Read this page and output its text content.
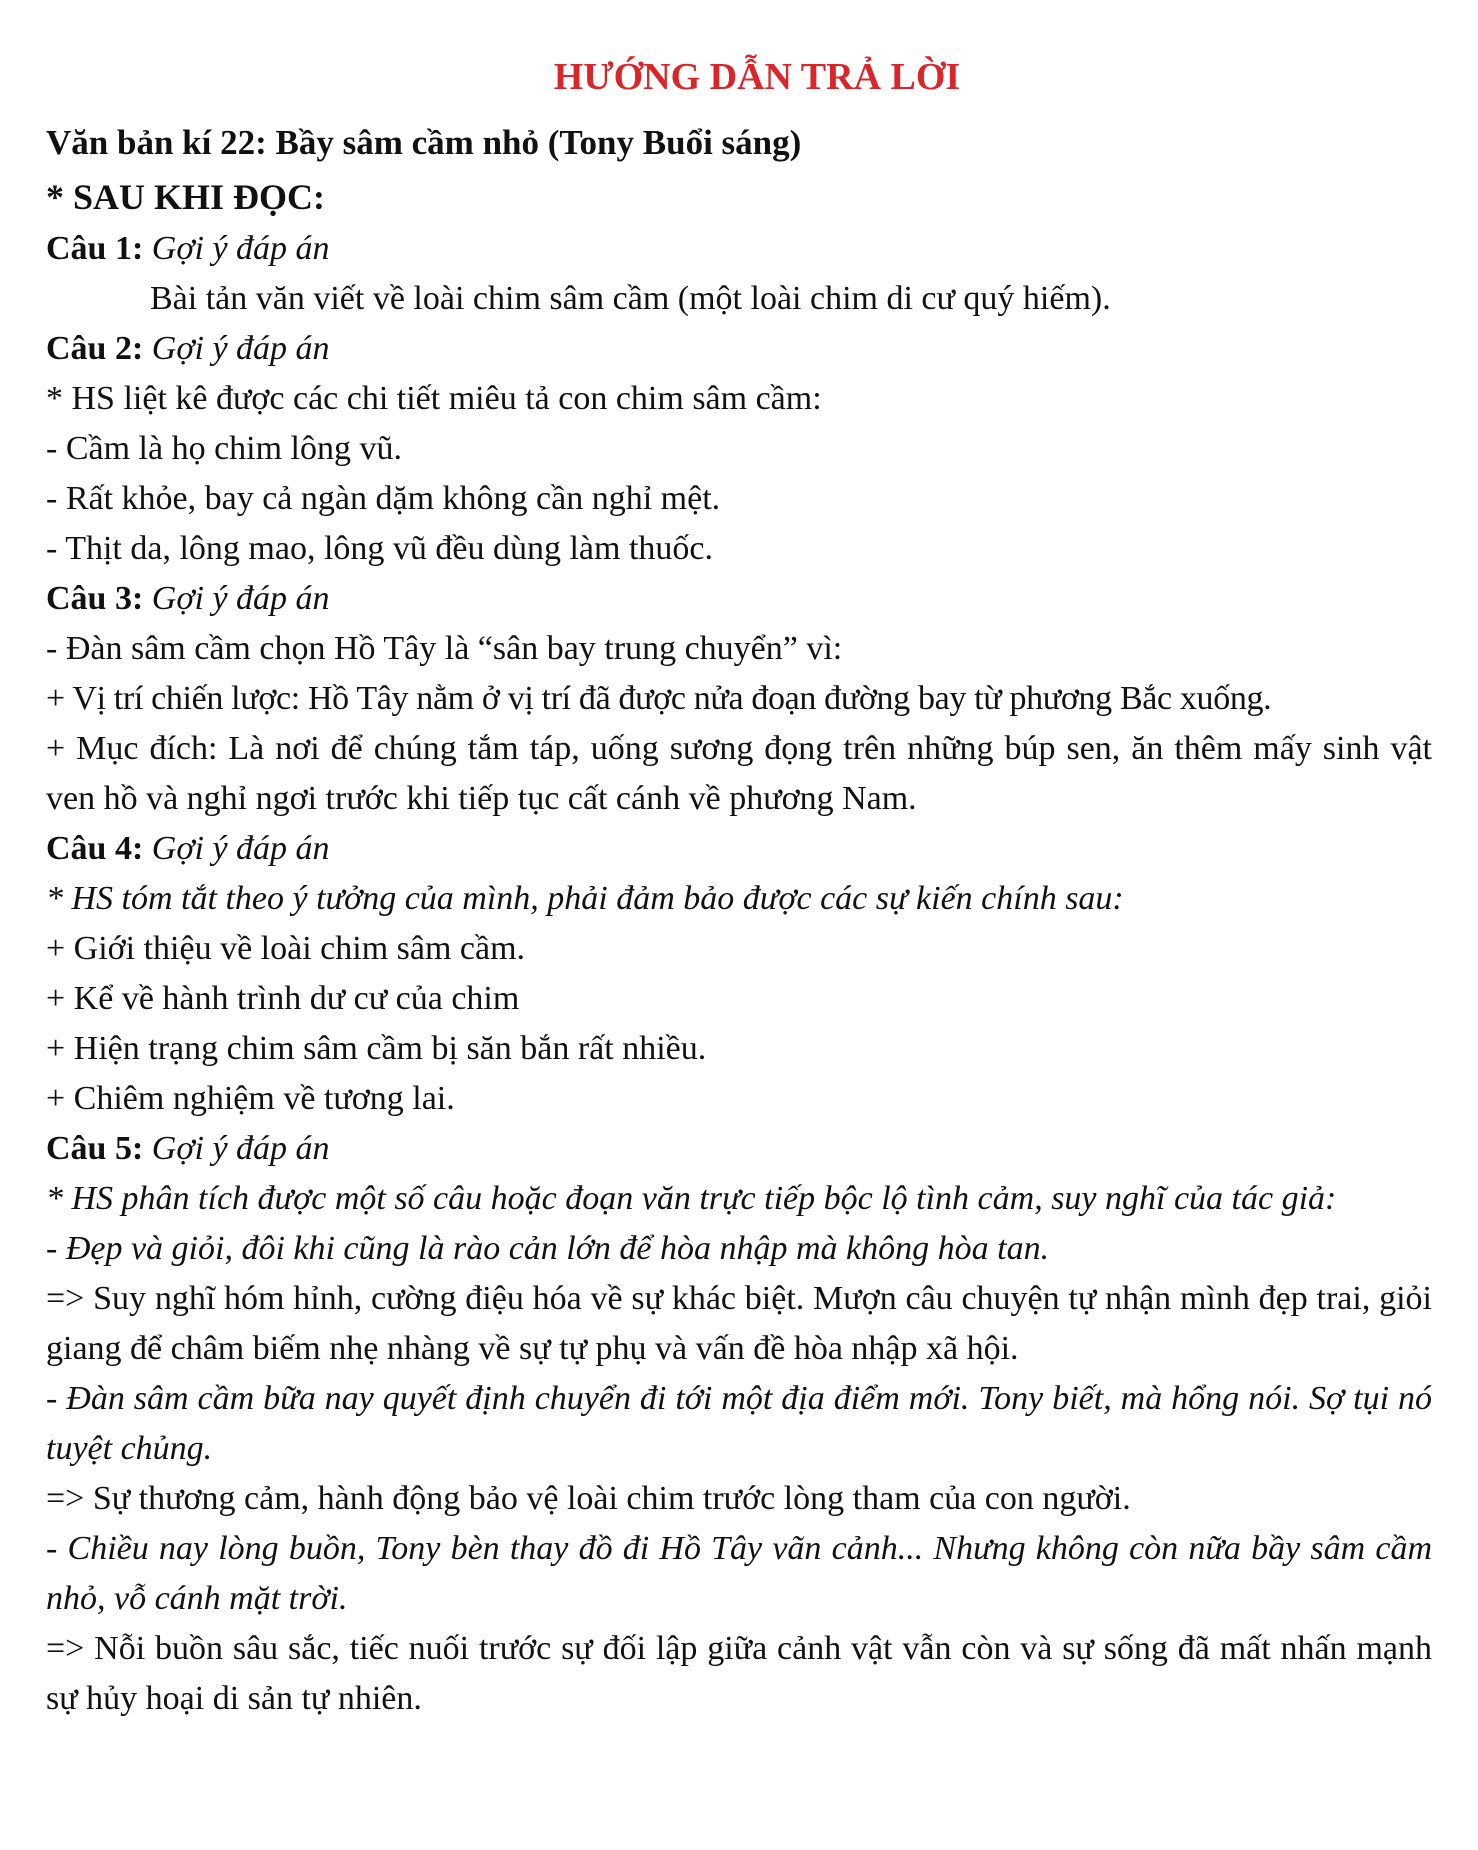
HƯỚNG DẪN TRẢ LỜI

Văn bản kí 22: Bầy sâm cầm nhỏ (Tony Buổi sáng)

* SAU KHI ĐỌC:

Câu 1: Gợi ý đáp án

Bài tản văn viết về loài chim sâm cầm (một loài chim di cư quý hiếm).

Câu 2: Gợi ý đáp án

* HS liệt kê được các chi tiết miêu tả con chim sâm cầm:

- Cầm là họ chim lông vũ.

- Rất khỏe, bay cả ngàn dặm không cần nghỉ mệt.

- Thịt da, lông mao, lông vũ đều dùng làm thuốc.

Câu 3: Gợi ý đáp án

- Đàn sâm cầm chọn Hồ Tây là “sân bay trung chuyển” vì:

+ Vị trí chiến lược: Hồ Tây nằm ở vị trí đã được nửa đoạn đường bay từ phương Bắc xuống.

+ Mục đích: Là nơi để chúng tắm táp, uống sương đọng trên những búp sen, ăn thêm mấy sinh vật ven hồ và nghỉ ngơi trước khi tiếp tục cất cánh về phương Nam.

Câu 4: Gợi ý đáp án

* HS tóm tắt theo ý tưởng của mình, phải đảm bảo được các sự kiến chính sau:

+ Giới thiệu về loài chim sâm cầm.

+ Kể về hành trình dư cư của chim

+ Hiện trạng chim sâm cầm bị săn bắn rất nhiều.

+ Chiêm nghiệm về tương lai.

Câu 5: Gợi ý đáp án

* HS phân tích được một số câu hoặc đoạn văn trực tiếp bộc lộ tình cảm, suy nghĩ của tác giả:

- Đẹp và giỏi, đôi khi cũng là rào cản lớn để hòa nhập mà không hòa tan.

=> Suy nghĩ hóm hỉnh, cường điệu hóa về sự khác biệt. Mượn câu chuyện tự nhận mình đẹp trai, giỏi giang để châm biếm nhẹ nhàng về sự tự phụ và vấn đề hòa nhập xã hội.

- Đàn sâm cầm bữa nay quyết định chuyển đi tới một địa điểm mới. Tony biết, mà hổng nói. Sợ tụi nó tuyệt chủng.

=> Sự thương cảm, hành động bảo vệ loài chim trước lòng tham của con người.

- Chiều nay lòng buồn, Tony bèn thay đồ đi Hồ Tây vãn cảnh... Nhưng không còn nữa bầy sâm cầm nhỏ, vỗ cánh mặt trời.

=> Nỗi buồn sâu sắc, tiếc nuối trước sự đối lập giữa cảnh vật vẫn còn và sự sống đã mất nhấn mạnh sự hủy hoại di sản tự nhiên.
